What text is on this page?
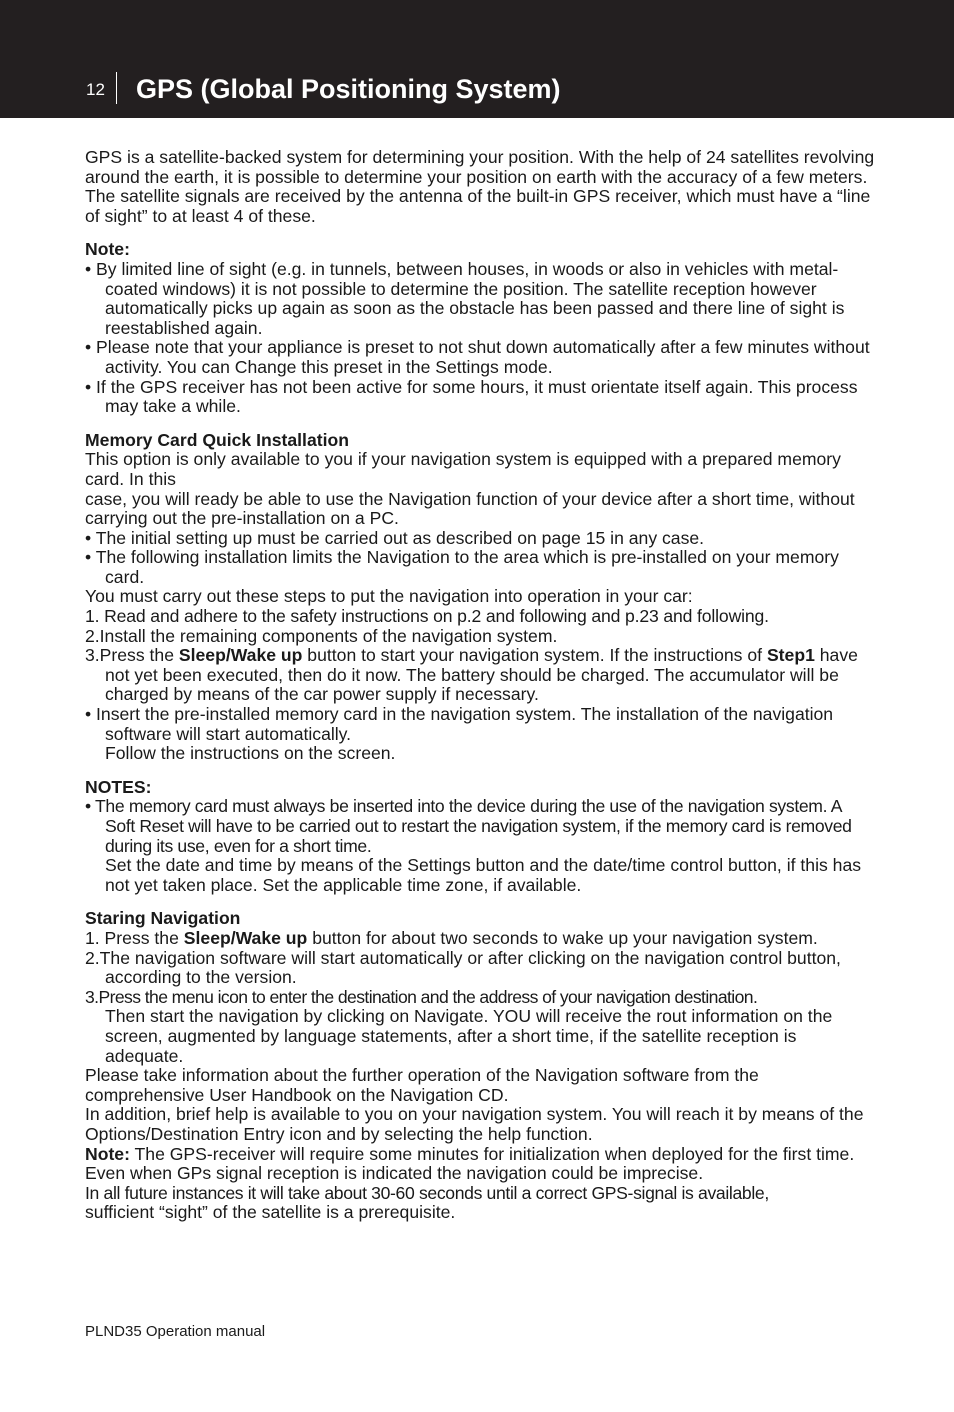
12 GPS (Global Positioning System)

GPS is a satellite-backed system for determining your position. With the help of 24 satellites revolving around the earth, it is possible to determine your position on earth with the accuracy of a few meters. The satellite signals are received by the antenna of the built-in GPS receiver, which must have a “line of sight” to at least 4 of these.

Note:

• By limited line of sight (e.g. in tunnels, between houses, in woods or also in vehicles with metal-coated windows) it is not possible to determine the position. The satellite reception however automatically picks up again as soon as the obstacle has been passed and there line of sight is reestablished again.

• Please note that your appliance is preset to not shut down automatically after a few minutes without activity. You can Change this preset in the Settings mode.

• If the GPS receiver has not been active for some hours, it must orientate itself again. This process may take a while.

Memory Card Quick Installation

This option is only available to you if your navigation system is equipped with a prepared memory card. In this

case, you will ready be able to use the Navigation function of your device after a short time, without carrying out the pre-installation on a PC.

• The initial setting up must be carried out as described on page 15 in any case.

• The following installation limits the Navigation to the area which is pre-installed on your memory card.

You must carry out these steps to put the navigation into operation in your car:

1. Read and adhere to the safety instructions on p.2 and following and p.23 and following.

2.Install the remaining components of the navigation system.

3.Press the Sleep/Wake up button to start your navigation system. If the instructions of Step1 have not yet been executed, then do it now. The battery should be charged. The accumulator will be charged by means of the car power supply if necessary.

• Insert the pre-installed memory card in the navigation system. The installation of the navigation software will start automatically.

Follow the instructions on the screen.

NOTES:

• The memory card must always be inserted into the device during the use of the navigation system. A Soft Reset will have to be carried out to restart the navigation system, if the memory card is removed during its use, even for a short time.

Set the date and time by means of the Settings button and the date/time control button, if this has not yet taken place. Set the applicable time zone, if available.

Staring Navigation

1. Press the Sleep/Wake up button for about two seconds to wake up your navigation system.

2.The navigation software will start automatically or after clicking on the navigation control button, according to the version.

3.Press the menu icon to enter the destination and the address of your navigation destination.

Then start the navigation by clicking on Navigate. YOU will receive the rout information on the screen, augmented by language statements, after a short time, if the satellite reception is adequate.

Please take information about the further operation of the Navigation software from the comprehensive User Handbook on the Navigation CD.

In addition, brief help is available to you on your navigation system. You will reach it by means of the Options/Destination Entry icon and by selecting the help function.

Note: The GPS-receiver will require some minutes for initialization when deployed for the first time. Even when GPs signal reception is indicated the navigation could be imprecise.

In all future instances it will take about 30-60 seconds until a correct GPS-signal is available,

sufficient “sight” of the satellite is a prerequisite.

PLND35 Operation manual
